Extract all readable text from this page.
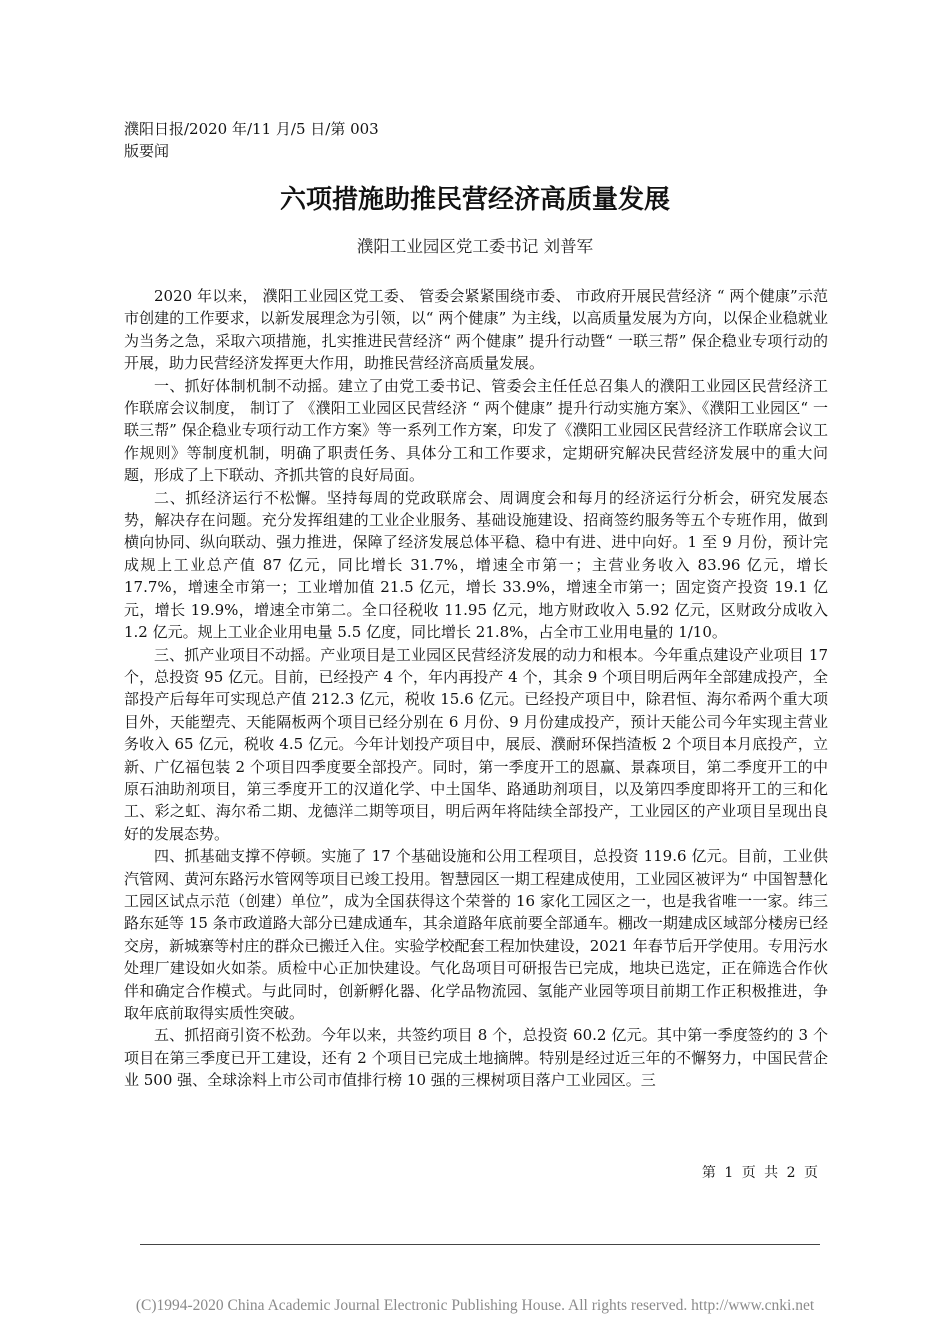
濮阳日报/2020 年/11 月/5 日/第 003
版要闻
六项措施助推民营经济高质量发展
濮阳工业园区党工委书记 刘普军

2020 年以来， 濮阳工业园区党工委、 管委会紧紧围绕市委、 市政府开展民营经济 “ 两个健康”示范市创建的工作要求，以新发展理念为引领，以“ 两个健康” 为主线，以高质量发展为方向，以保企业稳就业为当务之急，采取六项措施，扎实推进民营经济“ 两个健康” 提升行动暨“ 一联三帮” 保企稳业专项行动的开展，助力民营经济发挥更大作用，助推民营经济高质量发展。

一、抓好体制机制不动摇。建立了由党工委书记、管委会主任任总召集人的濮阳工业园区民营经济工作联席会议制度， 制订了 《濮阳工业园区民营经济 “ 两个健康” 提升行动实施方案》、《濮阳工业园区“ 一联三帮” 保企稳业专项行动工作方案》等一系列工作方案，印发了《濮阳工业园区民营经济工作联席会议工作规则》等制度机制，明确了职责任务、具体分工和工作要求，定期研究解决民营经济发展中的重大问题，形成了上下联动、齐抓共管的良好局面。

二、抓经济运行不松懈。坚持每周的党政联席会、周调度会和每月的经济运行分析会，研究发展态势，解决存在问题。充分发挥组建的工业企业服务、基础设施建设、招商签约服务等五个专班作用，做到横向协同、纵向联动、强力推进，保障了经济发展总体平稳、稳中有进、进中向好。1 至 9 月份，预计完成规上工业总产值 87 亿元，同比增长 31.7%，增速全市第一；主营业务收入 83.96 亿元，增长 17.7%，增速全市第一；工业增加值 21.5 亿元，增长 33.9%，增速全市第一；固定资产投资 19.1 亿元，增长 19.9%，增速全市第二。全口径税收 11.95 亿元，地方财政收入 5.92 亿元，区财政分成收入 1.2 亿元。规上工业企业用电量 5.5 亿度，同比增长 21.8%，占全市工业用电量的 1/10。

三、抓产业项目不动摇。产业项目是工业园区民营经济发展的动力和根本。今年重点建设产业项目 17 个，总投资 95 亿元。目前，已经投产 4 个，年内再投产 4 个，其余 9 个项目明后两年全部建成投产，全部投产后每年可实现总产值 212.3 亿元，税收 15.6 亿元。已经投产项目中，除君恒、海尔希两个重大项目外，天能塑壳、天能隔板两个项目已经分别在 6 月份、9 月份建成投产，预计天能公司今年实现主营业务收入 65 亿元，税收 4.5 亿元。今年计划投产项目中，展辰、濮耐环保挡渣板 2 个项目本月底投产，立新、广亿福包装 2 个项目四季度要全部投产。同时，第一季度开工的恩赢、景森项目，第二季度开工的中原石油助剂项目，第三季度开工的汉道化学、中土国华、路通助剂项目，以及第四季度即将开工的三和化工、彩之虹、海尔希二期、龙德洋二期等项目，明后两年将陆续全部投产，工业园区的产业项目呈现出良好的发展态势。

四、抓基础支撑不停顿。实施了 17 个基础设施和公用工程项目，总投资 119.6 亿元。目前，工业供汽管网、黄河东路污水管网等项目已竣工投用。智慧园区一期工程建成使用，工业园区被评为“ 中国智慧化工园区试点示范（创建）单位”，成为全国获得这个荣誉的 16 家化工园区之一，也是我省唯一一家。纬三路东延等 15 条市政道路大部分已建成通车，其余道路年底前要全部通车。棚改一期建成区域部分楼房已经交房，新城寨等村庄的群众已搬迁入住。实验学校配套工程加快建设，2021 年春节后开学使用。专用污水处理厂建设如火如荼。质检中心正加快建设。气化岛项目可研报告已完成，地块已选定，正在筛选合作伙伴和确定合作模式。与此同时，创新孵化器、化学品物流园、氢能产业园等项目前期工作正积极推进，争取年底前取得实质性突破。

五、抓招商引资不松劲。今年以来，共签约项目 8 个，总投资 60.2 亿元。其中第一季度签约的 3 个项目在第三季度已开工建设，还有 2 个项目已完成土地摘牌。特别是经过近三年的不懈努力，中国民营企业 500 强、全球涂料上市公司市值排行榜 10 强的三棵树项目落户工业园区。三

第 1 页 共 2 页
(C)1994-2020 China Academic Journal Electronic Publishing House. All rights reserved. http://www.cnki.net
